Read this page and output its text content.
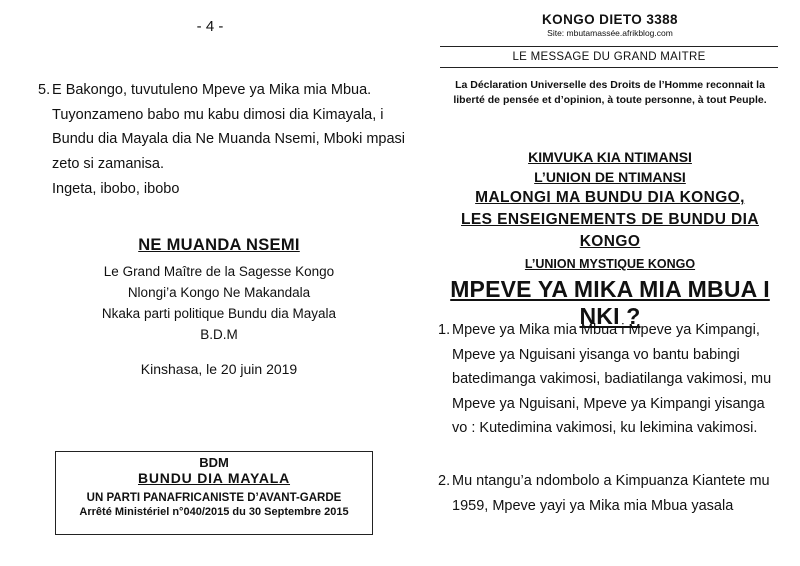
- 4 -
5. E Bakongo, tuvutuleno Mpeve ya Mika mia Mbua. Tuyonzameno babo mu kabu dimosi dia Kimayala, i Bundu dia Mayala dia Ne Muanda Nsemi, Mboki mpasi zeto si zamanisa.
Ingeta, ibobo, ibobo
NE MUANDA NSEMI
Le Grand Maître de la Sagesse Kongo
Nlongi’a Kongo Ne Makandala
Nkaka parti politique Bundu dia Mayala
B.D.M
Kinshasa, le 20 juin 2019
BDM
BUNDU DIA MAYALA
UN PARTI PANAFRICANISTE D’AVANT-GARDE
Arrêté Ministériel n°040/2015 du 30 Septembre 2015
KONGO DIETO 3388
Site: mbutamassée.afrikblog.com
LE MESSAGE DU GRAND MAITRE
La Déclaration Universelle des Droits de l’Homme reconnait la liberté de pensée et d’opinion, à toute personne, à tout Peuple.
KIMVUKA KIA NTIMANSI
L’UNION DE NTIMANSI
MALONGI MA BUNDU DIA KONGO,
LES ENSEIGNEMENTS DE BUNDU DIA KONGO
L’UNION MYSTIQUE KONGO
MPEVE YA MIKA MIA MBUA I NKI ?
1. Mpeve ya Mika mia Mbua i Mpeve ya Kimpangi, Mpeve ya Nguisani yisanga vo bantu babingi batedimanga vakimosi, badiatilanga vakimosi, mu Mpeve ya Nguisani, Mpeve ya Kimpangi yisanga vo : Kutedimina vakimosi, ku lekimina vakimosi.
2. Mu ntangu’a ndombolo a Kimpuanza Kiantete mu 1959, Mpeve yayi ya Mika mia Mbua yasala
